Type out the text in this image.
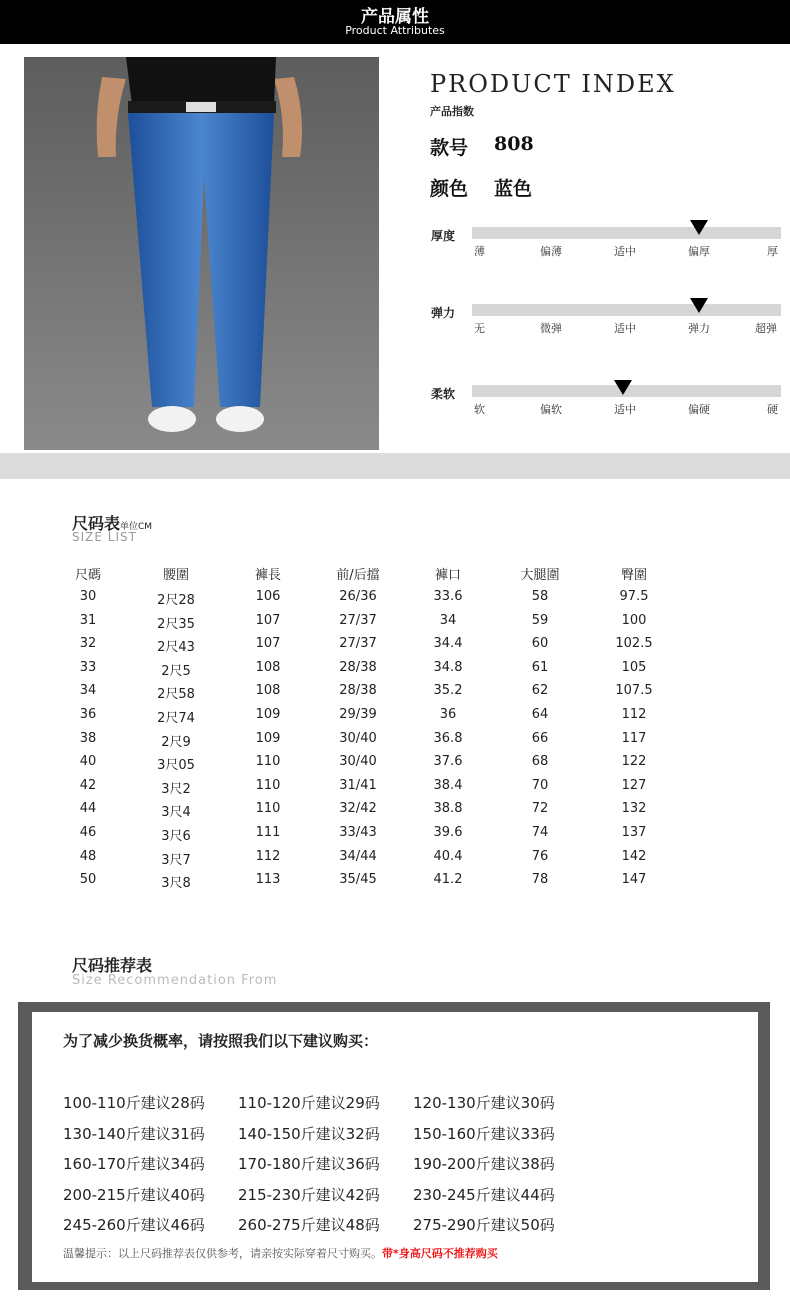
产品属性
Product Attributes
PRODUCT INDEX
产品指数
款号 808
颜色 蓝色
厚度
薄	偏薄	适中	偏厚	厚
弹力
无	微弹	适中	弹力	超弹
柔软
软	偏软	适中	偏硬	硬
尺码表单位CM
SIZE LIST
尺碼	腰圍	褲長	前/后擋	褲口	大腿圍	臀圍
30	2尺28	106	26/36	33.6	58	97.5
31	2尺35	107	27/37	34	59	100
32	2尺43	107	27/37	34.4	60	102.5
33	2尺5	108	28/38	34.8	61	105
34	2尺58	108	28/38	35.2	62	107.5
36	2尺74	109	29/39	36	64	112
38	2尺9	109	30/40	36.8	66	117
40	3尺05	110	30/40	37.6	68	122
42	3尺2	110	31/41	38.4	70	127
44	3尺4	110	32/42	38.8	72	132
46	3尺6	111	33/43	39.6	74	137
48	3尺7	112	34/44	40.4	76	142
50	3尺8	113	35/45	41.2	78	147
尺码推荐表
Size Recommendation From
为了减少换货概率，请按照我们以下建议购买：
100-110斤建议28码 110-120斤建议29码 120-130斤建议30码
130-140斤建议31码 140-150斤建议32码 150-160斤建议33码
160-170斤建议34码 170-180斤建议36码 190-200斤建议38码
200-215斤建议40码 215-230斤建议42码 230-245斤建议44码
245-260斤建议46码 260-275斤建议48码 275-290斤建议50码
温馨提示：以上尺码推荐表仅供参考，请亲按实际穿着尺寸购买。带*身高尺码不推荐购买
